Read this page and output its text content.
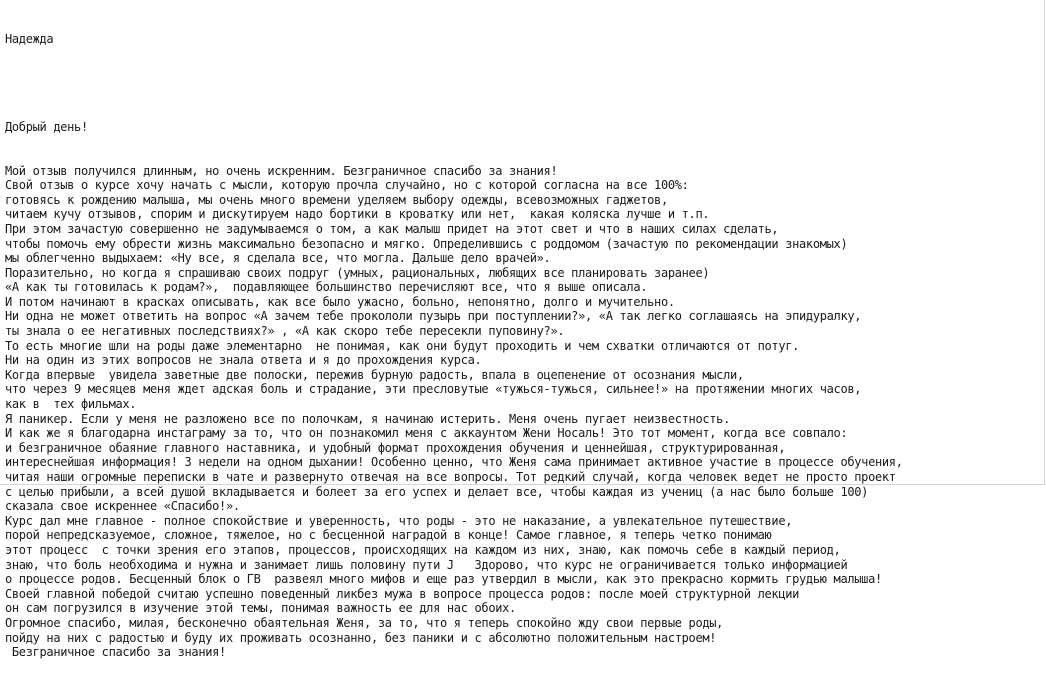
Надежда

Добрый день!

Мой отзыв получился длинным, но очень искренним. Безграничное спасибо за знания!
Свой отзыв о курсе хочу начать с мысли, которую прочла случайно, но с которой согласна на все 100%:
готовясь к рождению малыша, мы очень много времени уделяем выбору одежды, всевозможных гаджетов,
читаем кучу отзывов, спорим и дискутируем надо бортики в кроватку или нет,  какая коляска лучше и т.п.
При этом зачастую совершенно не задумываемся о том, а как малыш придет на этот свет и что в наших силах сделать,
чтобы помочь ему обрести жизнь максимально безопасно и мягко. Определившись с роддомом (зачастую по рекомендации знакомых)
мы облегченно выдыхаем: «Ну все, я сделала все, что могла. Дальше дело врачей».
Поразительно, но когда я спрашиваю своих подруг (умных, рациональных, любящих все планировать заранее)
«А как ты готовилась к родам?»,  подавляющее большинство перечисляют все, что я выше описала.
И потом начинают в красках описывать, как все было ужасно, больно, непонятно, долго и мучительно.
Ни одна не может ответить на вопрос «А зачем тебе прокололи пузырь при поступлении?», «А так легко соглашаясь на эпидуралку,
ты знала о ее негативных последствиях?» , «А как скоро тебе пересекли пуповину?».
То есть многие шли на роды даже элементарно  не понимая, как они будут проходить и чем схватки отличаются от потуг.
Ни на один из этих вопросов не знала ответа и я до прохождения курса.
Когда впервые  увидела заветные две полоски, пережив бурную радость, впала в оцепенение от осознания мысли,
что через 9 месяцев меня ждет адская боль и страдание, эти пресловутые «тужься-тужься, сильнее!» на протяжении многих часов,
как в  тех фильмах.
Я паникер. Если у меня не разложено все по полочкам, я начинаю истерить. Меня очень пугает неизвестность.
И как же я благодарна инстаграму за то, что он познакомил меня с аккаунтом Жени Носаль! Это тот момент, когда все совпало:
и безграничное обаяние главного наставника, и удобный формат прохождения обучения и ценнейшая, структурированная,
интереснейшая информация! 3 недели на одном дыхании! Особенно ценно, что Женя сама принимает активное участие в процессе обучения,
читая наши огромные переписки в чате и развернуто отвечая на все вопросы. Тот редкий случай, когда человек ведет не просто проект
с целью прибыли, а всей душой вкладывается и болеет за его успех и делает все, чтобы каждая из учениц (а нас было больше 100)
сказала свое искреннее «Спасибо!».
Курс дал мне главное - полное спокойствие и уверенность, что роды - это не наказание, а увлекательное путешествие,
порой непредсказуемое, сложное, тяжелое, но с бесценной наградой в конце! Самое главное, я теперь четко понимаю
этот процесс  с точки зрения его этапов, процессов, происходящих на каждом из них, знаю, как помочь себе в каждый период,
знаю, что боль необходима и нужна и занимает лишь половину пути J   Здорово, что курс не ограничивается только информацией
о процессе родов. Бесценный блок о ГВ  развеял много мифов и еще раз утвердил в мысли, как это прекрасно кормить грудью малыша!
Своей главной победой считаю успешно поведенный ликбез мужа в вопросе процесса родов: после моей структурной лекции
он сам погрузился в изучение этой темы, понимая важность ее для нас обоих.
Огромное спасибо, милая, бесконечно обаятельная Женя, за то, что я теперь спокойно жду свои первые роды,
пойду на них с радостью и буду их проживать осознанно, без паники и с абсолютно положительным настроем!
Безграничное спасибо за знания!
